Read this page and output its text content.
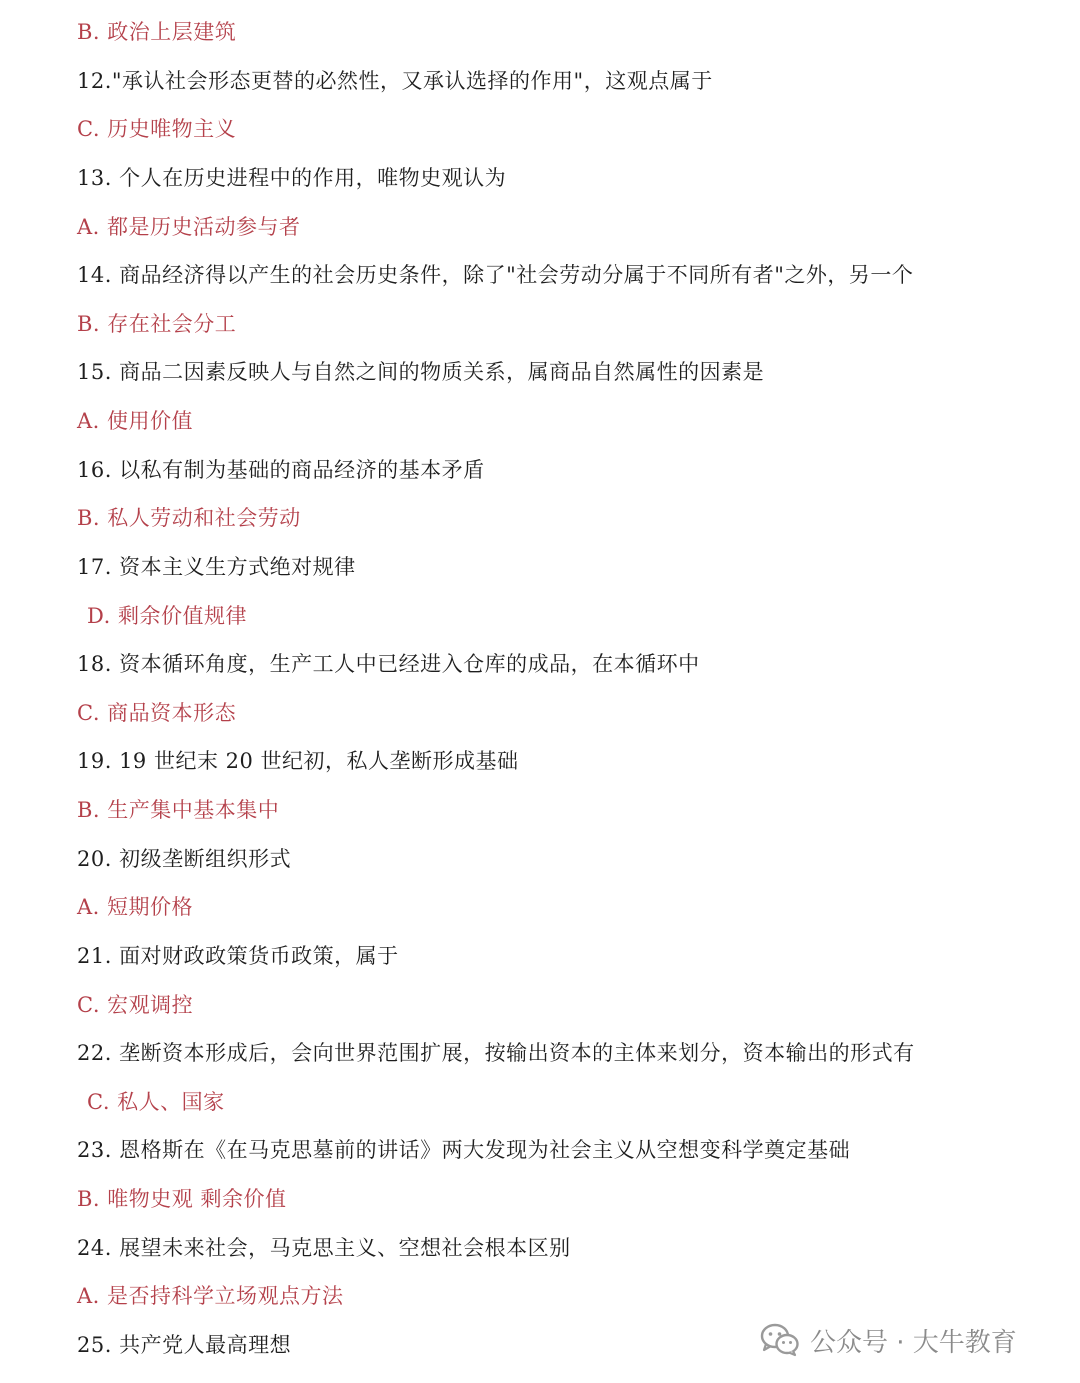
B. 政治上层建筑
12."承认社会形态更替的必然性，又承认选择的作用"，这观点属于
C. 历史唯物主义
13. 个人在历史进程中的作用，唯物史观认为
A. 都是历史活动参与者
14. 商品经济得以产生的社会历史条件，除了"社会劳动分属于不同所有者"之外，另一个
B. 存在社会分工
15. 商品二因素反映人与自然之间的物质关系，属商品自然属性的因素是
A. 使用价值
16. 以私有制为基础的商品经济的基本矛盾
B. 私人劳动和社会劳动
17. 资本主义生方式绝对规律
D. 剩余价值规律
18. 资本循环角度，生产工人中已经进入仓库的成品，在本循环中
C. 商品资本形态
19. 19 世纪末 20 世纪初，私人垄断形成基础
B. 生产集中基本集中
20. 初级垄断组织形式
A. 短期价格
21. 面对财政政策货币政策，属于
C. 宏观调控
22. 垄断资本形成后，会向世界范围扩展，按输出资本的主体来划分，资本输出的形式有
C. 私人、国家
23. 恩格斯在《在马克思墓前的讲话》两大发现为社会主义从空想变科学奠定基础
B. 唯物史观 剩余价值
24. 展望未来社会，马克思主义、空想社会根本区别
A. 是否持科学立场观点方法
25. 共产党人最高理想	公众号 · 大牛教育
